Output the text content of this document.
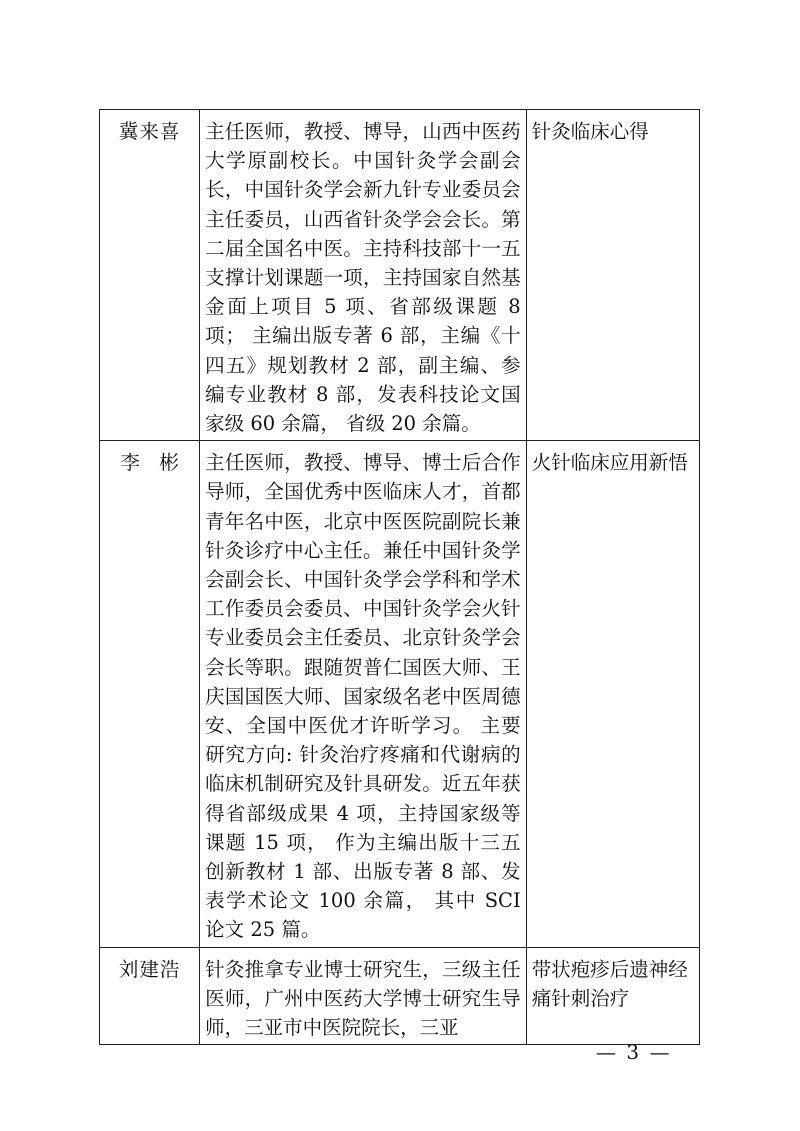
冀来喜	主任医师，教授、博导，山西中医药大学原副校长。中国针灸学会副会长，中国针灸学会新九针专业委员会主任委员，山西省针灸学会会长。第二届全国名中医。主持科技部十一五支撑计划课题一项，主持国家自然基金面上项目 5 项、省部级课题 8 项； 主编出版专著 6 部，主编《十四五》规划教材 2 部，副主编、参编专业教材 8 部，发表科技论文国家级 60 余篇， 省级 20 余篇。	针灸临床心得
李　彬	主任医师，教授、博导、博士后合作导师，全国优秀中医临床人才，首都青年名中医，北京中医医院副院长兼针灸诊疗中心主任。兼任中国针灸学会副会长、中国针灸学会学科和学术工作委员会委员、中国针灸学会火针专业委员会主任委员、北京针灸学会会长等职。跟随贺普仁国医大师、王庆国国医大师、国家级名老中医周德安、全国中医优才许昕学习。 主要研究方向: 针灸治疗疼痛和代谢病的临床机制研究及针具研发。近五年获得省部级成果 4 项，主持国家级等课题 15 项， 作为主编出版十三五创新教材 1 部、出版专著 8 部、发表学术论文 100 余篇， 其中 SCI 论文 25 篇。	火针临床应用新悟
刘建浩	针灸推拿专业博士研究生，三级主任医师，广州中医药大学博士研究生导师，三亚市中医院院长，三亚	带状疱疹后遗神经痛针刺治疗
— 3 —
